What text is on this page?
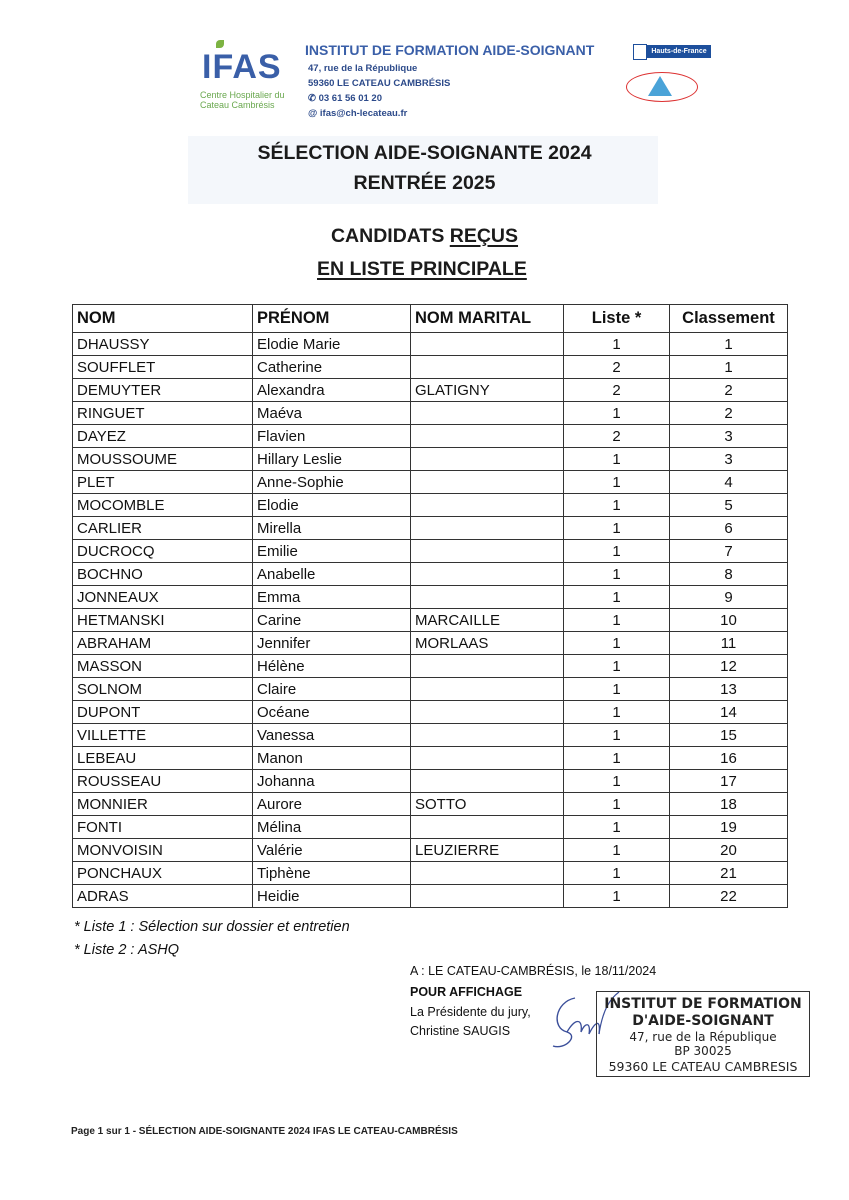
IFAS
Centre Hospitalier du
Cateau Cambrésis
INSTITUT DE FORMATION AIDE-SOIGNANT
47, rue de la République
59360 LE CATEAU CAMBRÉSIS
✆ 03 61 56 01 20
@ ifas@ch-lecateau.fr
Hauts-de-France
SÉLECTION AIDE-SOIGNANTE 2024
RENTRÉE 2025
CANDIDATS REÇUS
EN LISTE PRINCIPALE
NOM	PRÉNOM	NOM MARITAL	Liste *	Classement
DHAUSSY	Elodie Marie		1	1
SOUFFLET	Catherine		2	1
DEMUYTER	Alexandra	GLATIGNY	2	2
RINGUET	Maéva		1	2
DAYEZ	Flavien		2	3
MOUSSOUME	Hillary Leslie		1	3
PLET	Anne-Sophie		1	4
MOCOMBLE	Elodie		1	5
CARLIER	Mirella		1	6
DUCROCQ	Emilie		1	7
BOCHNO	Anabelle		1	8
JONNEAUX	Emma		1	9
HETMANSKI	Carine	MARCAILLE	1	10
ABRAHAM	Jennifer	MORLAAS	1	11
MASSON	Hélène		1	12
SOLNOM	Claire		1	13
DUPONT	Océane		1	14
VILLETTE	Vanessa		1	15
LEBEAU	Manon		1	16
ROUSSEAU	Johanna		1	17
MONNIER	Aurore	SOTTO	1	18
FONTI	Mélina		1	19
MONVOISIN	Valérie	LEUZIERRE	1	20
PONCHAUX	Tiphène		1	21
ADRAS	Heidie		1	22
* Liste 1 : Sélection sur dossier et entretien
* Liste 2 : ASHQ
A : LE CATEAU-CAMBRÉSIS, le 18/11/2024
POUR AFFICHAGE
La Présidente du jury,
Christine SAUGIS
INSTITUT DE FORMATION
D'AIDE-SOIGNANT
47, rue de la République
BP 30025
59360 LE CATEAU CAMBRESIS
Page 1 sur 1 - SÉLECTION AIDE-SOIGNANTE 2024 IFAS LE CATEAU-CAMBRÉSIS
